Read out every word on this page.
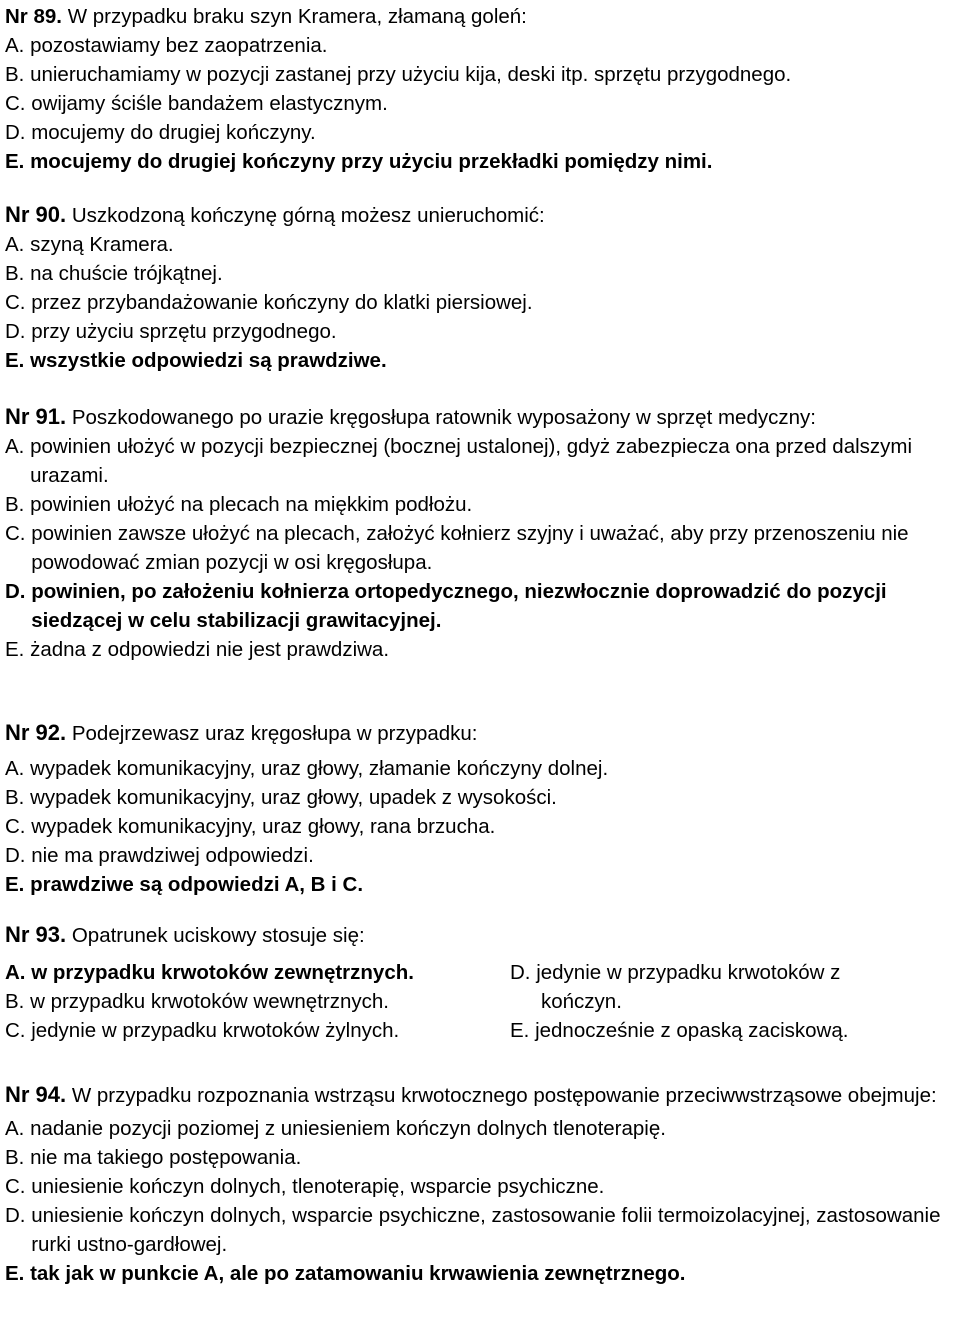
Nr 89. W przypadku braku szyn Kramera, złamaną goleń:
A. pozostawiamy bez zaopatrzenia.
B. unieruchamiamy w pozycji zastanej przy użyciu kija, deski itp. sprzętu przygodnego.
C. owijamy ściśle bandażem elastycznym.
D. mocujemy do drugiej kończyny.
E. mocujemy do drugiej kończyny przy użyciu przekładki pomiędzy nimi.
Nr 90. Uszkodzoną kończynę górną możesz unieruchomić:
A. szyną Kramera.
B. na chuście trójkątnej.
C. przez przybandażowanie kończyny do klatki piersiowej.
D. przy użyciu sprzętu przygodnego.
E. wszystkie odpowiedzi są prawdziwe.
Nr 91. Poszkodowanego po urazie kręgosłupa ratownik wyposażony w sprzęt medyczny:
A. powinien ułożyć w pozycji bezpiecznej (bocznej ustalonej), gdyż zabezpiecza ona przed dalszymi urazami.
B. powinien ułożyć na plecach na miękkim podłożu.
C. powinien zawsze ułożyć na plecach, założyć kołnierz szyjny i uważać, aby przy przenoszeniu nie powodować zmian pozycji w osi kręgosłupa.
D. powinien, po założeniu kołnierza ortopedycznego, niezwłocznie doprowadzić do pozycji siedzącej w celu stabilizacji grawitacyjnej.
E. żadna z odpowiedzi nie jest prawdziwa.
Nr 92. Podejrzewasz uraz kręgosłupa w przypadku:
A. wypadek komunikacyjny, uraz głowy, złamanie kończyny dolnej.
B. wypadek komunikacyjny, uraz głowy, upadek z wysokości.
C. wypadek komunikacyjny, uraz głowy, rana brzucha.
D. nie ma prawdziwej odpowiedzi.
E. prawdziwe są odpowiedzi A, B i C.
Nr 93. Opatrunek uciskowy stosuje się:
A. w przypadku krwotoków zewnętrznych.
B. w przypadku krwotoków wewnętrznych.
C. jedynie w przypadku krwotoków żylnych.
D. jedynie w przypadku krwotoków z
kończyn.
E. jednocześnie z opaską zaciskową.
Nr 94. W przypadku rozpoznania wstrząsu krwotocznego postępowanie przeciwwstrząsowe obejmuje:
A. nadanie pozycji poziomej z uniesieniem kończyn dolnych tlenoterapię.
B. nie ma takiego postępowania.
C. uniesienie kończyn dolnych, tlenoterapię, wsparcie psychiczne.
D. uniesienie kończyn dolnych, wsparcie psychiczne, zastosowanie folii termoizolacyjnej, zastosowanie rurki ustno-gardłowej.
E. tak jak w punkcie A, ale po zatamowaniu krwawienia zewnętrznego.
